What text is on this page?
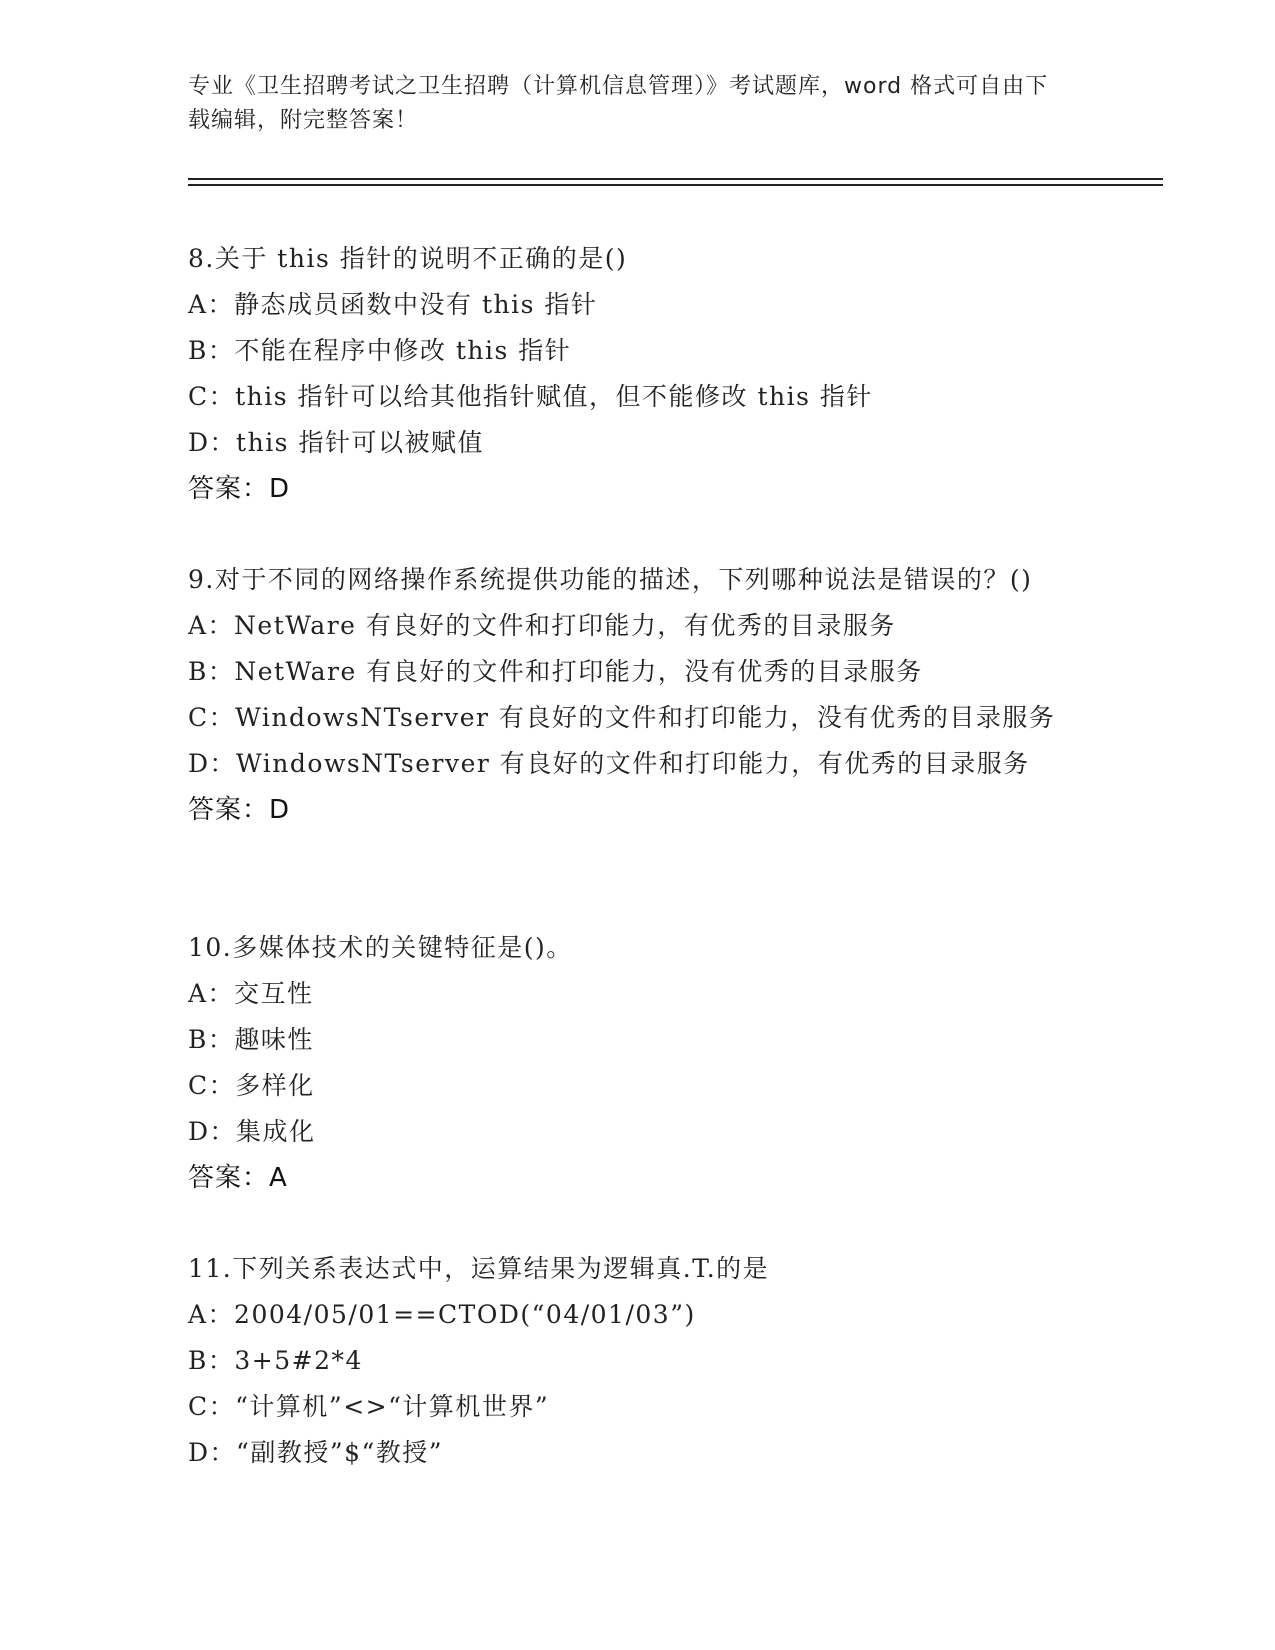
专业《卫生招聘考试之卫生招聘（计算机信息管理）》考试题库，word 格式可自由下载编辑，附完整答案！
8.关于 this 指针的说明不正确的是()
A：静态成员函数中没有 this 指针
B：不能在程序中修改 this 指针
C：this 指针可以给其他指针赋值，但不能修改 this 指针
D：this 指针可以被赋值
答案：D
9.对于不同的网络操作系统提供功能的描述，下列哪种说法是错误的？()
A：NetWare 有良好的文件和打印能力，有优秀的目录服务
B：NetWare 有良好的文件和打印能力，没有优秀的目录服务
C：WindowsNTserver 有良好的文件和打印能力，没有优秀的目录服务
D：WindowsNTserver 有良好的文件和打印能力，有优秀的目录服务
答案：D
10.多媒体技术的关键特征是()。
A：交互性
B：趣味性
C：多样化
D：集成化
答案：A
11.下列关系表达式中，运算结果为逻辑真.T.的是
A：2004/05/01==CTOD(“04/01/03”)
B：3+5#2*4
C：“计算机”<>“计算机世界”
D：“副教授”$“教授”
